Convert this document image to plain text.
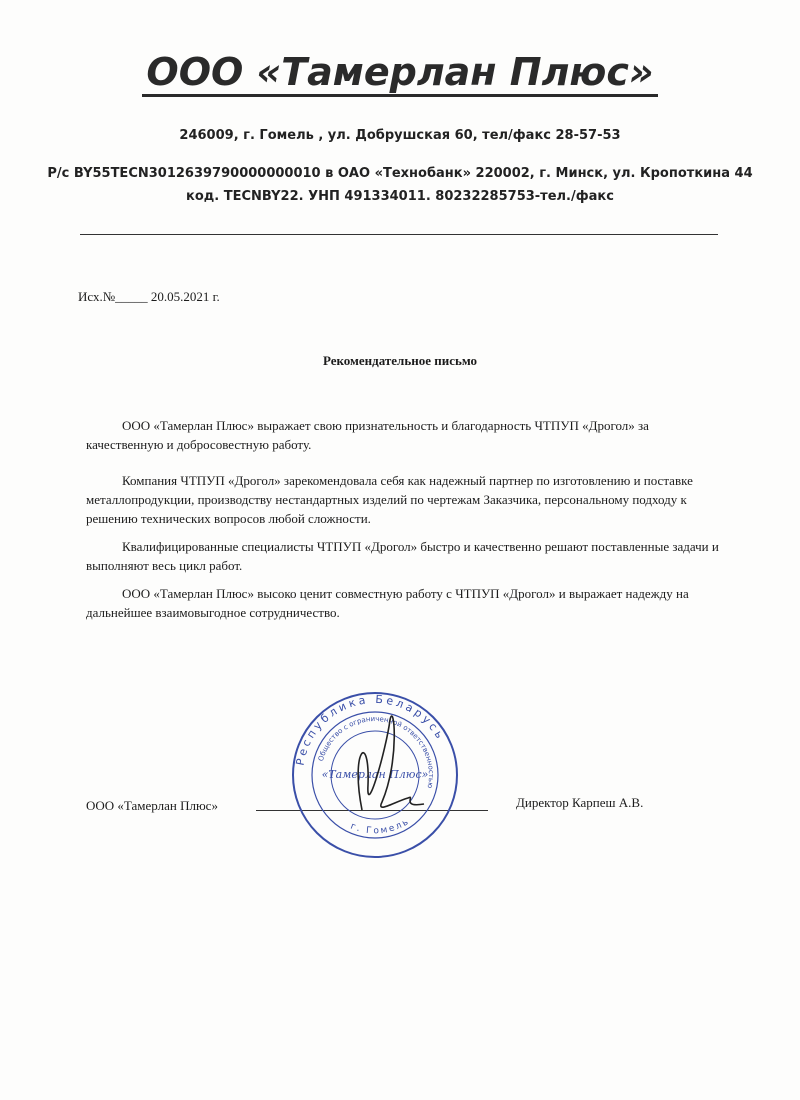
ООО «Тамерлан Плюс»
246009, г. Гомель , ул. Добрушская 60, тел/факс 28-57-53
Р/с BY55TECN3012639790000000010 в ОАО «Технобанк» 220002, г. Минск, ул. Кропоткина 44
код. TECNBY22. УНП 491334011. 80232285753-тел./факс
Исх.№_____ 20.05.2021 г.
Рекомендательное письмо
ООО «Тамерлан Плюс» выражает свою признательность и благодарность ЧТПУП «Дрогол» за качественную и добросовестную работу.
Компания ЧТПУП «Дрогол» зарекомендовала себя как надежный партнер по изготовлению и поставке металлопродукции, производству нестандартных изделий по чертежам Заказчика, персональному подходу к решению технических вопросов любой сложности.
Квалифицированные специалисты ЧТПУП «Дрогол» быстро и качественно решают поставленные задачи и выполняют весь цикл работ.
ООО «Тамерлан Плюс» высоко ценит совместную работу с ЧТПУП «Дрогол» и выражает надежду на дальнейшее взаимовыгодное сотрудничество.
ООО «Тамерлан Плюс»	Директор Карпеш А.В.
Республика Беларусь
Общество с ограниченной ответственностью
«Тамерлан Плюс»
г. Гомель
